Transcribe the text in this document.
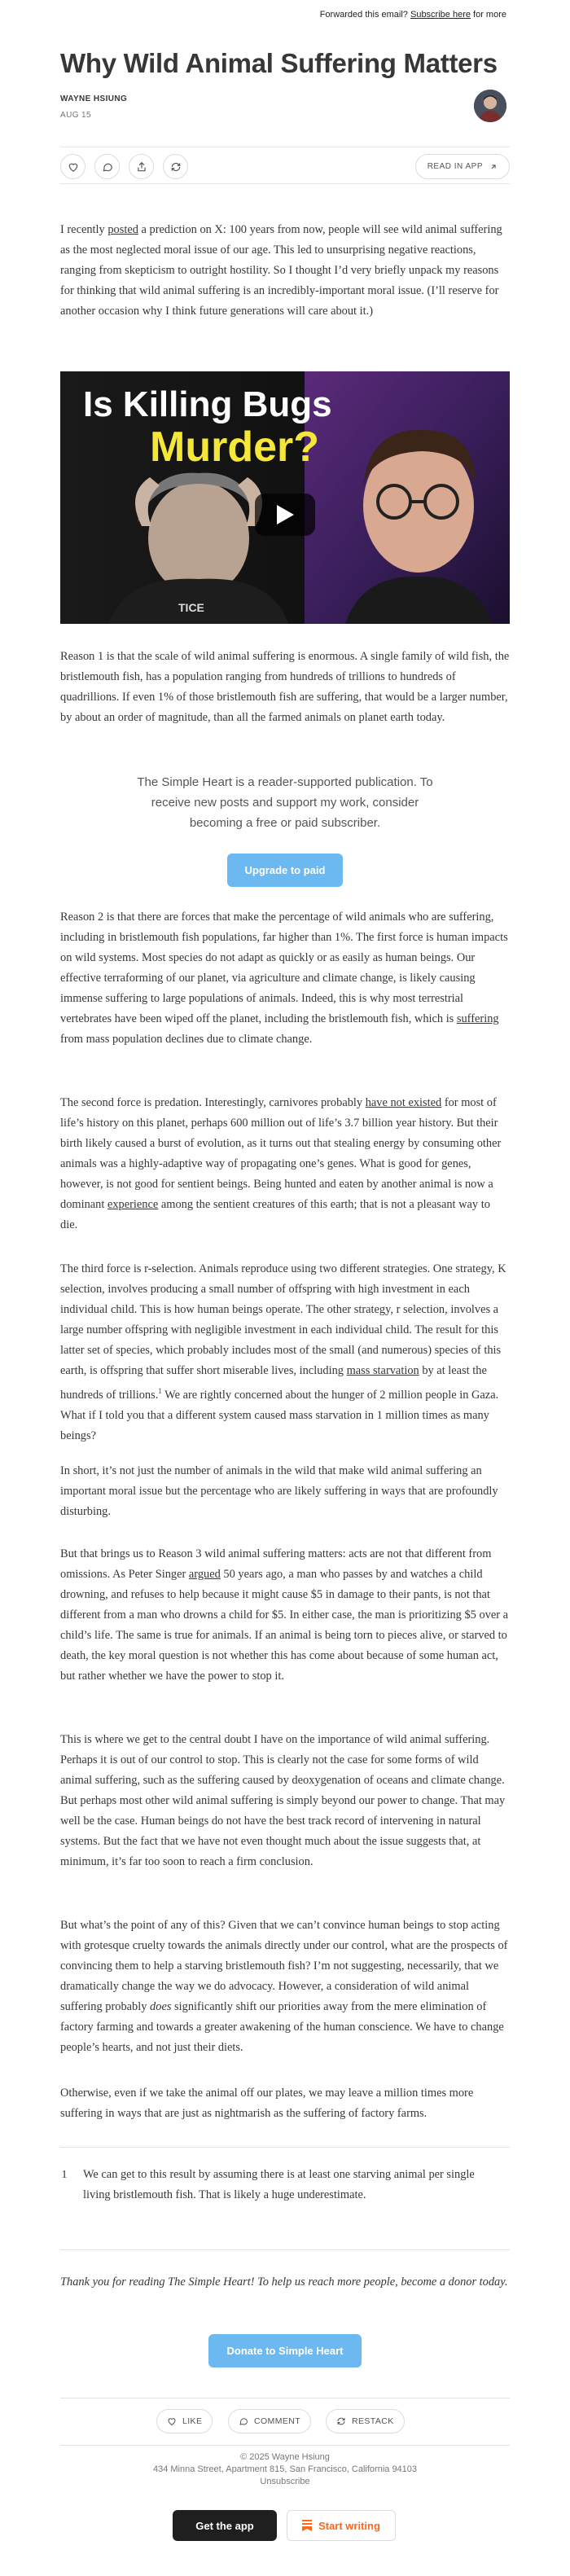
Forwarded this email? Subscribe here for more
Why Wild Animal Suffering Matters
WAYNE HSIUNG
AUG 15
READ IN APP

I recently posted a prediction on X: 100 years from now, people will see wild animal suffering as the most neglected moral issue of our age. This led to unsurprising negative reactions, ranging from skepticism to outright hostility. So I thought I’d very briefly unpack my reasons for thinking that wild animal suffering is an incredibly-important moral issue. (I’ll reserve for another occasion why I think future generations will care about it.)

TICE
Is Killing Bugs
Murder?

Reason 1 is that the scale of wild animal suffering is enormous. A single family of wild fish, the bristlemouth fish, has a population ranging from hundreds of trillions to hundreds of quadrillions. If even 1% of those bristlemouth fish are suffering, that would be a larger number, by about an order of magnitude, than all the farmed animals on planet earth today.

The Simple Heart is a reader-supported publication. To receive new posts and support my work, consider becoming a free or paid subscriber.
Upgrade to paid

Reason 2 is that there are forces that make the percentage of wild animals who are suffering, including in bristlemouth fish populations, far higher than 1%. The first force is human impacts on wild systems. Most species do not adapt as quickly or as easily as human beings. Our effective terraforming of our planet, via agriculture and climate change, is likely causing immense suffering to large populations of animals. Indeed, this is why most terrestrial vertebrates have been wiped off the planet, including the bristlemouth fish, which is suffering from mass population declines due to climate change.

The second force is predation. Interestingly, carnivores probably have not existed for most of life’s history on this planet, perhaps 600 million out of life’s 3.7 billion year history. But their birth likely caused a burst of evolution, as it turns out that stealing energy by consuming other animals was a highly-adaptive way of propagating one’s genes. What is good for genes, however, is not good for sentient beings. Being hunted and eaten by another animal is now a dominant experience among the sentient creatures of this earth; that is not a pleasant way to die.

The third force is r-selection. Animals reproduce using two different strategies. One strategy, K selection, involves producing a small number of offspring with high investment in each individual child. This is how human beings operate. The other strategy, r selection, involves a large number offspring with negligible investment in each individual child. The result for this latter set of species, which probably includes most of the small (and numerous) species of this earth, is offspring that suffer short miserable lives, including mass starvation by at least the hundreds of trillions.$^1$ We are rightly concerned about the hunger of 2 million people in Gaza. What if I told you that a different system caused mass starvation in 1 million times as many beings?

In short, it’s not just the number of animals in the wild that make wild animal suffering an important moral issue but the percentage who are likely suffering in ways that are profoundly disturbing.

But that brings us to Reason 3 wild animal suffering matters: acts are not that different from omissions. As Peter Singer argued 50 years ago, a man who passes by and watches a child drowning, and refuses to help because it might cause $5 in damage to their pants, is not that different from a man who drowns a child for $5. In either case, the man is prioritizing $5 over a child’s life. The same is true for animals. If an animal is being torn to pieces alive, or starved to death, the key moral question is not whether this has come about because of some human act, but rather whether we have the power to stop it.

This is where we get to the central doubt I have on the importance of wild animal suffering. Perhaps it is out of our control to stop. This is clearly not the case for some forms of wild animal suffering, such as the suffering caused by deoxygenation of oceans and climate change. But perhaps most other wild animal suffering is simply beyond our power to change. That may well be the case. Human beings do not have the best track record of intervening in natural systems. But the fact that we have not even thought much about the issue suggests that, at minimum, it’s far too soon to reach a firm conclusion.

But what’s the point of any of this? Given that we can’t convince human beings to stop acting with grotesque cruelty towards the animals directly under our control, what are the prospects of convincing them to help a starving bristlemouth fish? I’m not suggesting, necessarily, that we dramatically change the way we do advocacy. However, a consideration of wild animal suffering probably does significantly shift our priorities away from the mere elimination of factory farming and towards a greater awakening of the human conscience. We have to change people’s hearts, and not just their diets.

Otherwise, even if we take the animal off our plates, we may leave a million times more suffering in ways that are just as nightmarish as the suffering of factory farms.

1 We can get to this result by assuming there is at least one starving animal per single living bristlemouth fish. That is likely a huge underestimate.

Thank you for reading The Simple Heart! To help us reach more people, become a donor today.

Donate to Simple Heart
LIKE	COMMENT	RESTACK
© 2025 Wayne Hsiung
434 Minna Street, Apartment 815, San Francisco, California 94103
Unsubscribe
Get the app	Start writing
